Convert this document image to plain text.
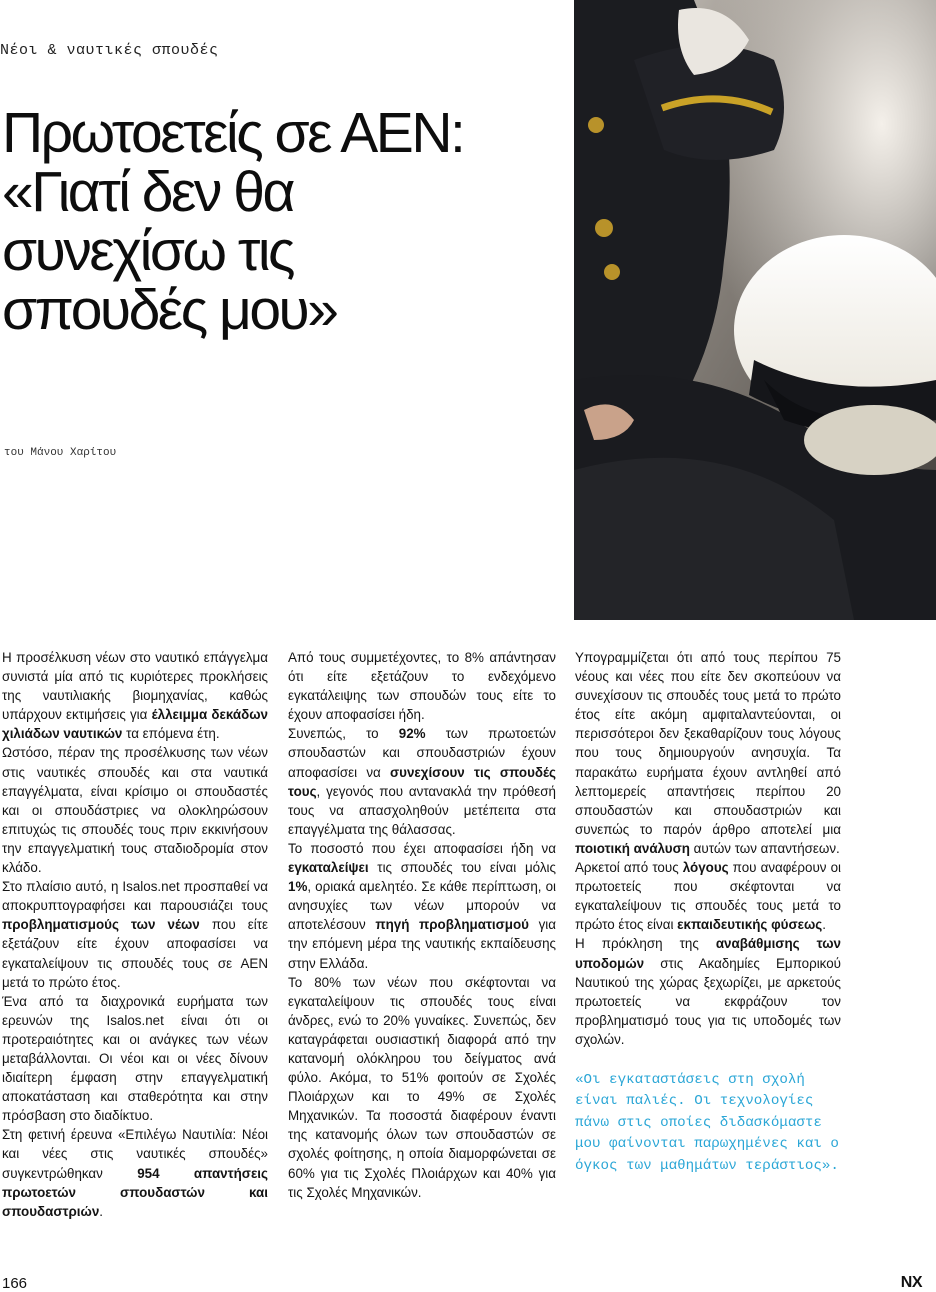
Νέοι & ναυτικές σπουδές
Πρωτοετείς σε ΑΕΝ:
«Γιατί δεν θα
συνεχίσω τις
σπουδές μου»
του Μάνου Χαρίτου

Η προσέλκυση νέων στο ναυτικό επάγγελμα συνιστά μία από τις κυριότερες προκλήσεις της ναυτιλιακής βιομηχανίας, καθώς υπάρχουν εκτιμήσεις για έλλειμμα δεκάδων χιλιάδων ναυτικών τα επόμενα έτη.

Ωστόσο, πέραν της προσέλκυσης των νέων στις ναυτικές σπουδές και στα ναυτικά επαγγέλματα, είναι κρίσιμο οι σπουδαστές και οι σπουδάστριες να ολοκληρώσουν επιτυχώς τις σπουδές τους πριν εκκινήσουν την επαγγελματική τους σταδιοδρομία στον κλάδο.

Στο πλαίσιο αυτό, η Isalos.net προσπαθεί να αποκρυπτογραφήσει και παρουσιάζει τους προβληματισμούς των νέων που είτε εξετάζουν είτε έχουν αποφασίσει να εγκαταλείψουν τις σπουδές τους σε ΑΕΝ μετά το πρώτο έτος.

Ένα από τα διαχρονικά ευρήματα των ερευνών της Isalos.net είναι ότι οι προτεραιότητες και οι ανάγκες των νέων μεταβάλλονται. Οι νέοι και οι νέες δίνουν ιδιαίτερη έμφαση στην επαγγελματική αποκατάσταση και σταθερότητα και στην πρόσβαση στο διαδίκτυο.

Στη φετινή έρευνα «Επιλέγω Ναυτιλία: Νέοι και νέες στις ναυτικές σπουδές» συγκεντρώθηκαν 954 απαντήσεις πρωτοετών σπουδαστών και σπουδαστριών.

Από τους συμμετέχοντες, το 8% απάντησαν ότι είτε εξετάζουν το ενδεχόμενο εγκατάλειψης των σπουδών τους είτε το έχουν αποφασίσει ήδη.

Συνεπώς, το 92% των πρωτοετών σπουδαστών και σπουδαστριών έχουν αποφασίσει να συνεχίσουν τις σπουδές τους, γεγονός που αντανακλά την πρόθεσή τους να απασχοληθούν μετέπειτα στα επαγγέλματα της θάλασσας.

Το ποσοστό που έχει αποφασίσει ήδη να εγκαταλείψει τις σπουδές του είναι μόλις 1%, οριακά αμελητέο. Σε κάθε περίπτωση, οι ανησυχίες των νέων μπορούν να αποτελέσουν πηγή προβληματισμού για την επόμενη μέρα της ναυτικής εκπαίδευσης στην Ελλάδα.

Το 80% των νέων που σκέφτονται να εγκαταλείψουν τις σπουδές τους είναι άνδρες, ενώ το 20% γυναίκες. Συνεπώς, δεν καταγράφεται ουσιαστική διαφορά από την κατανομή ολόκληρου του δείγματος ανά φύλο. Ακόμα, το 51% φοιτούν σε Σχολές Πλοιάρχων και το 49% σε Σχολές Μηχανικών. Τα ποσοστά διαφέρουν έναντι της κατανομής όλων των σπουδαστών σε σχολές φοίτησης, η οποία διαμορφώνεται σε 60% για τις Σχολές Πλοιάρχων και 40% για τις Σχολές Μηχανικών.

Υπογραμμίζεται ότι από τους περίπου 75 νέους και νέες που είτε δεν σκοπεύουν να συνεχίσουν τις σπουδές τους μετά το πρώτο έτος είτε ακόμη αμφιταλαντεύονται, οι περισσότεροι δεν ξεκαθαρίζουν τους λόγους που τους δημιουργούν ανησυχία. Τα παρακάτω ευρήματα έχουν αντληθεί από λεπτομερείς απαντήσεις περίπου 20 σπουδαστών και σπουδαστριών και συνεπώς το παρόν άρθρο αποτελεί μια ποιοτική ανάλυση αυτών των απαντήσεων.

Αρκετοί από τους λόγους που αναφέρουν οι πρωτοετείς που σκέφτονται να εγκαταλείψουν τις σπουδές τους μετά το πρώτο έτος είναι εκπαιδευτικής φύσεως.

Η πρόκληση της αναβάθμισης των υποδομών στις Ακαδημίες Εμπορικού Ναυτικού της χώρας ξεχωρίζει, με αρκετούς πρωτοετείς να εκφράζουν τον προβληματισμό τους για τις υποδομές των σχολών.

«Οι εγκαταστάσεις στη σχολή είναι παλιές. Οι τεχνολογίες πάνω στις οποίες διδασκόμαστε μου φαίνονται παρωχημένες και ο όγκος των μαθημάτων τεράστιος».

166	NX
